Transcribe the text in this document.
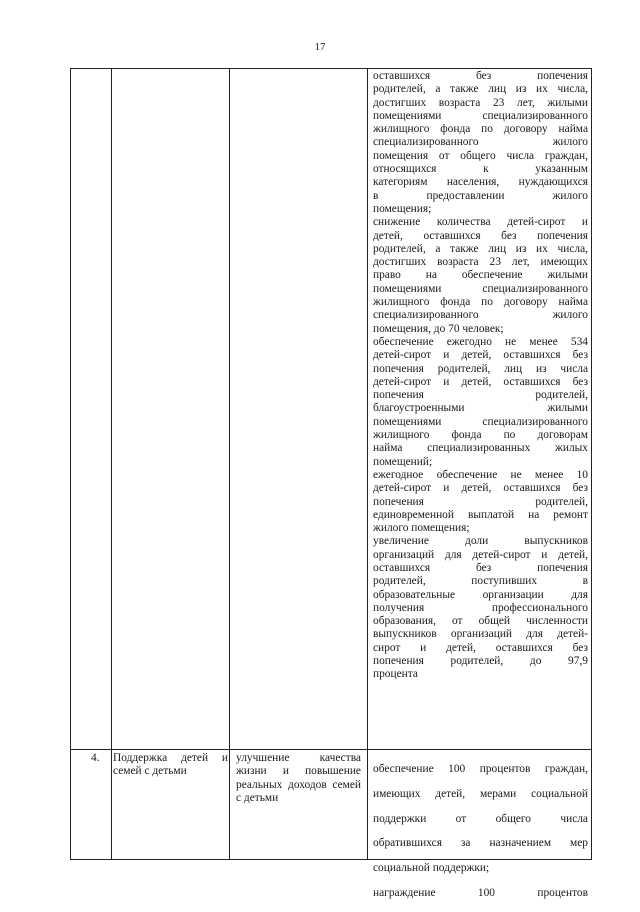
17

оставшихся без попечения

родителей, а также лиц из их числа,

достигших возраста 23 лет, жилыми

помещениями специализированного

жилищного фонда по договору найма

специализированного жилого

помещения от общего числа граждан,

относящихся к указанным

категориям населения, нуждающихся

в предоставлении жилого

помещения;

снижение количества детей-сирот и

детей, оставшихся без попечения

родителей, а также лиц из их числа,

достигших возраста 23 лет, имеющих

право на обеспечение жилыми

помещениями специализированного

жилищного фонда по договору найма

специализированного жилого

помещения, до 70 человек;

обеспечение ежегодно не менее 534

детей-сирот и детей, оставшихся без

попечения родителей, лиц из числа

детей-сирот и детей, оставшихся без

попечения родителей,

благоустроенными жилыми

помещениями специализированного

жилищного фонда по договорам

найма специализированных жилых

помещений;

ежегодное обеспечение не менее 10

детей-сирот и детей, оставшихся без

попечения родителей,

единовременной выплатой на ремонт

жилого помещения;

увеличение доли выпускников

организаций для детей-сирот и детей,

оставшихся без попечения

родителей, поступивших в

образовательные организации для

получения профессионального

образования, от общей численности

выпускников организаций для детей-

сирот и детей, оставшихся без

попечения родителей, до 97,9

процента

4.	Поддержка детей и семей с детьми
улучшение качества жизни и повышение реальных доходов семей с детьми

обеспечение 100 процентов граждан,

имеющих детей, мерами социальной

поддержки от общего числа

обратившихся за назначением мер

социальной поддержки;

награждение 100 процентов
